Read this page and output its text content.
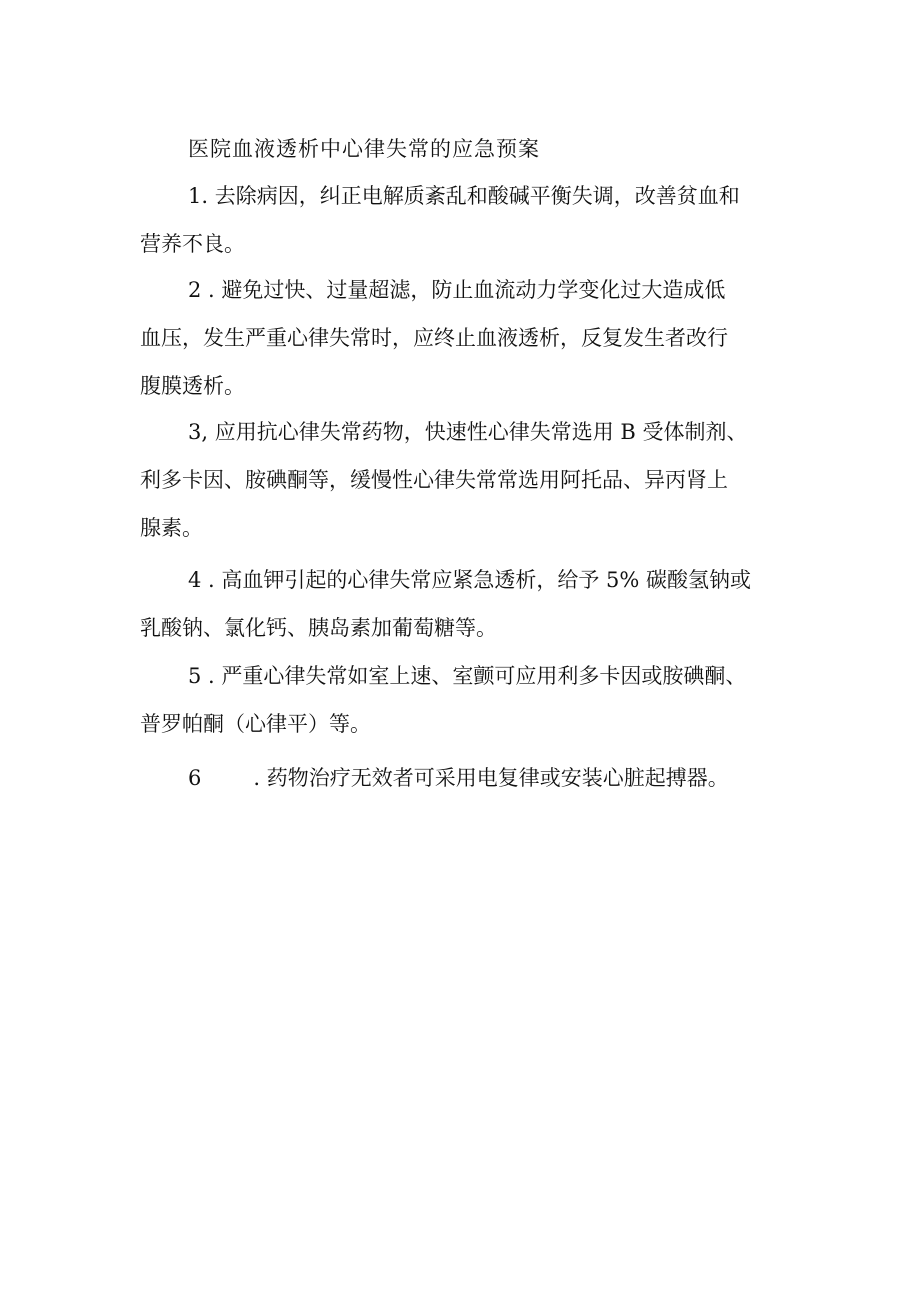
医院血液透析中心律失常的应急预案
1. 去除病因，纠正电解质紊乱和酸碱平衡失调，改善贫血和
营养不良。
2 . 避免过快、过量超滤，防止血流动力学变化过大造成低
血压，发生严重心律失常时，应终止血液透析，反复发生者改行
腹膜透析。
3, 应用抗心律失常药物，快速性心律失常选用 B 受体制剂、
利多卡因、胺碘酮等，缓慢性心律失常常选用阿托品、异丙肾上
腺素。
4 . 高血钾引起的心律失常应紧急透析，给予 5% 碳酸氢钠或
乳酸钠、氯化钙、胰岛素加葡萄糖等。
5 . 严重心律失常如室上速、室颤可应用利多卡因或胺碘酮、
普罗帕酮（心律平）等。
6 . 药物治疗无效者可采用电复律或安装心脏起搏器。
